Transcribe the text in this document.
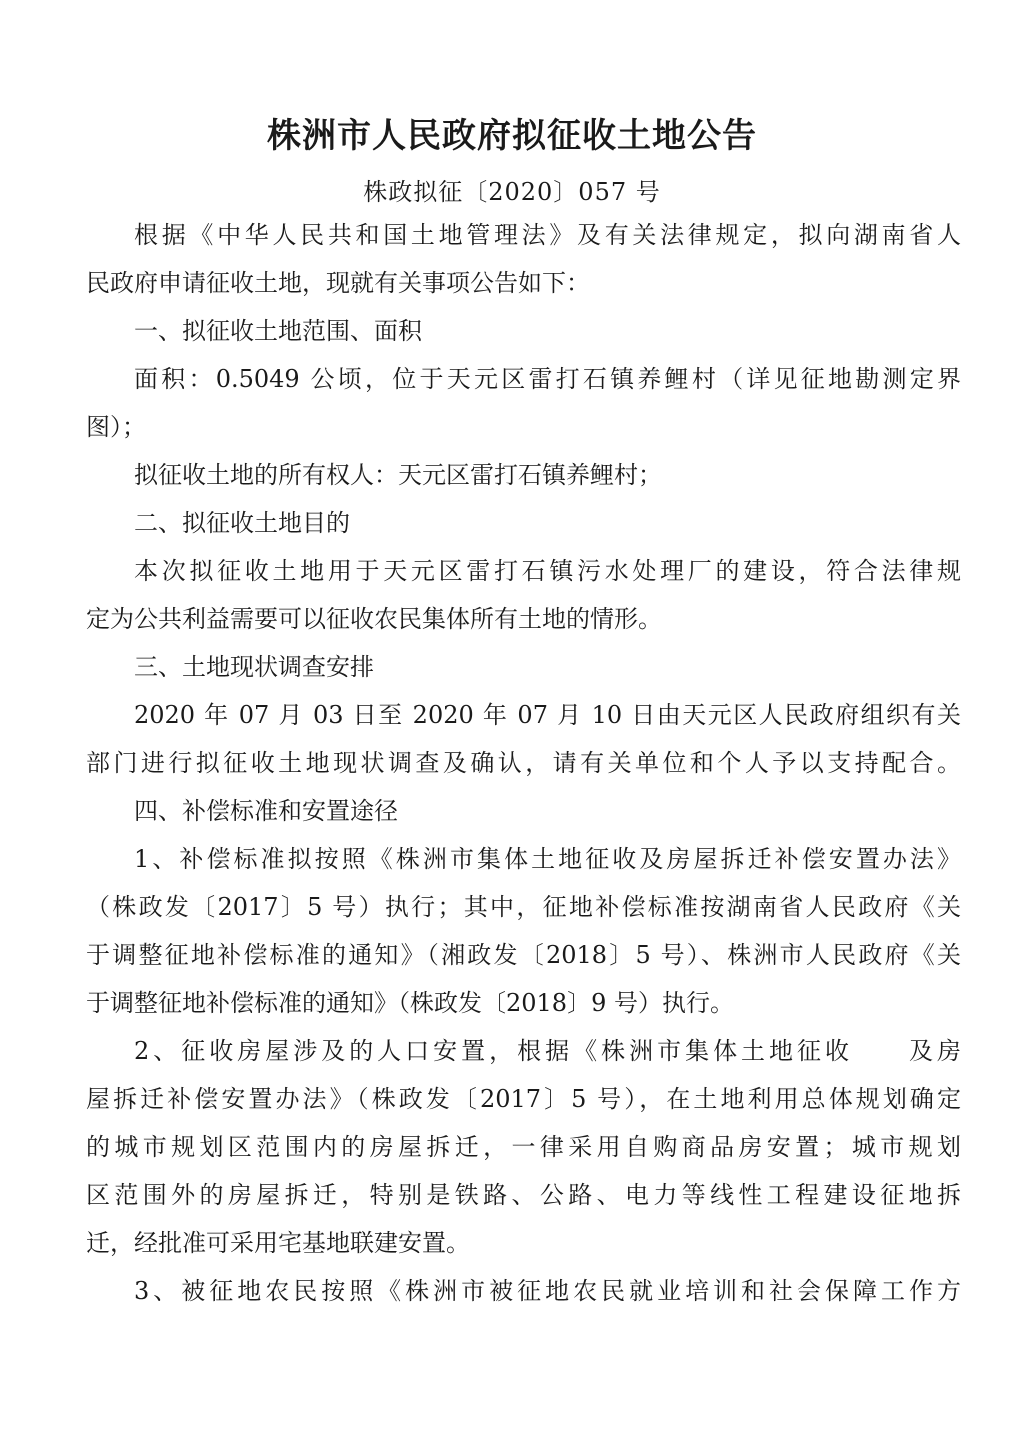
株洲市人民政府拟征收土地公告
株政拟征〔2020〕057 号
根据《中华人民共和国土地管理法》及有关法律规定，拟向湖南省人
民政府申请征收土地，现就有关事项公告如下：
一、拟征收土地范围、面积
面积：0.5049 公顷，位于天元区雷打石镇养鲤村（详见征地勘测定界
图）；
拟征收土地的所有权人：天元区雷打石镇养鲤村；
二、拟征收土地目的
本次拟征收土地用于天元区雷打石镇污水处理厂的建设，符合法律规
定为公共利益需要可以征收农民集体所有土地的情形。
三、土地现状调查安排
2020 年 07 月 03 日至 2020 年 07 月 10 日由天元区人民政府组织有关
部门进行拟征收土地现状调查及确认，请有关单位和个人予以支持配合。
四、补偿标准和安置途径
1、补偿标准拟按照《株洲市集体土地征收及房屋拆迁补偿安置办法》
（株政发〔2017〕5 号）执行；其中，征地补偿标准按湖南省人民政府《关
于调整征地补偿标准的通知》（湘政发〔2018〕5 号）、株洲市人民政府《关
于调整征地补偿标准的通知》（株政发〔2018〕9 号）执行。
2、征收房屋涉及的人口安置，根据《株洲市集体土地征收　　及房
屋拆迁补偿安置办法》（株政发〔2017〕5 号），在土地利用总体规划确定
的城市规划区范围内的房屋拆迁，一律采用自购商品房安置；城市规划
区范围外的房屋拆迁，特别是铁路、公路、电力等线性工程建设征地拆
迁，经批准可采用宅基地联建安置。
3、被征地农民按照《株洲市被征地农民就业培训和社会保障工作方
